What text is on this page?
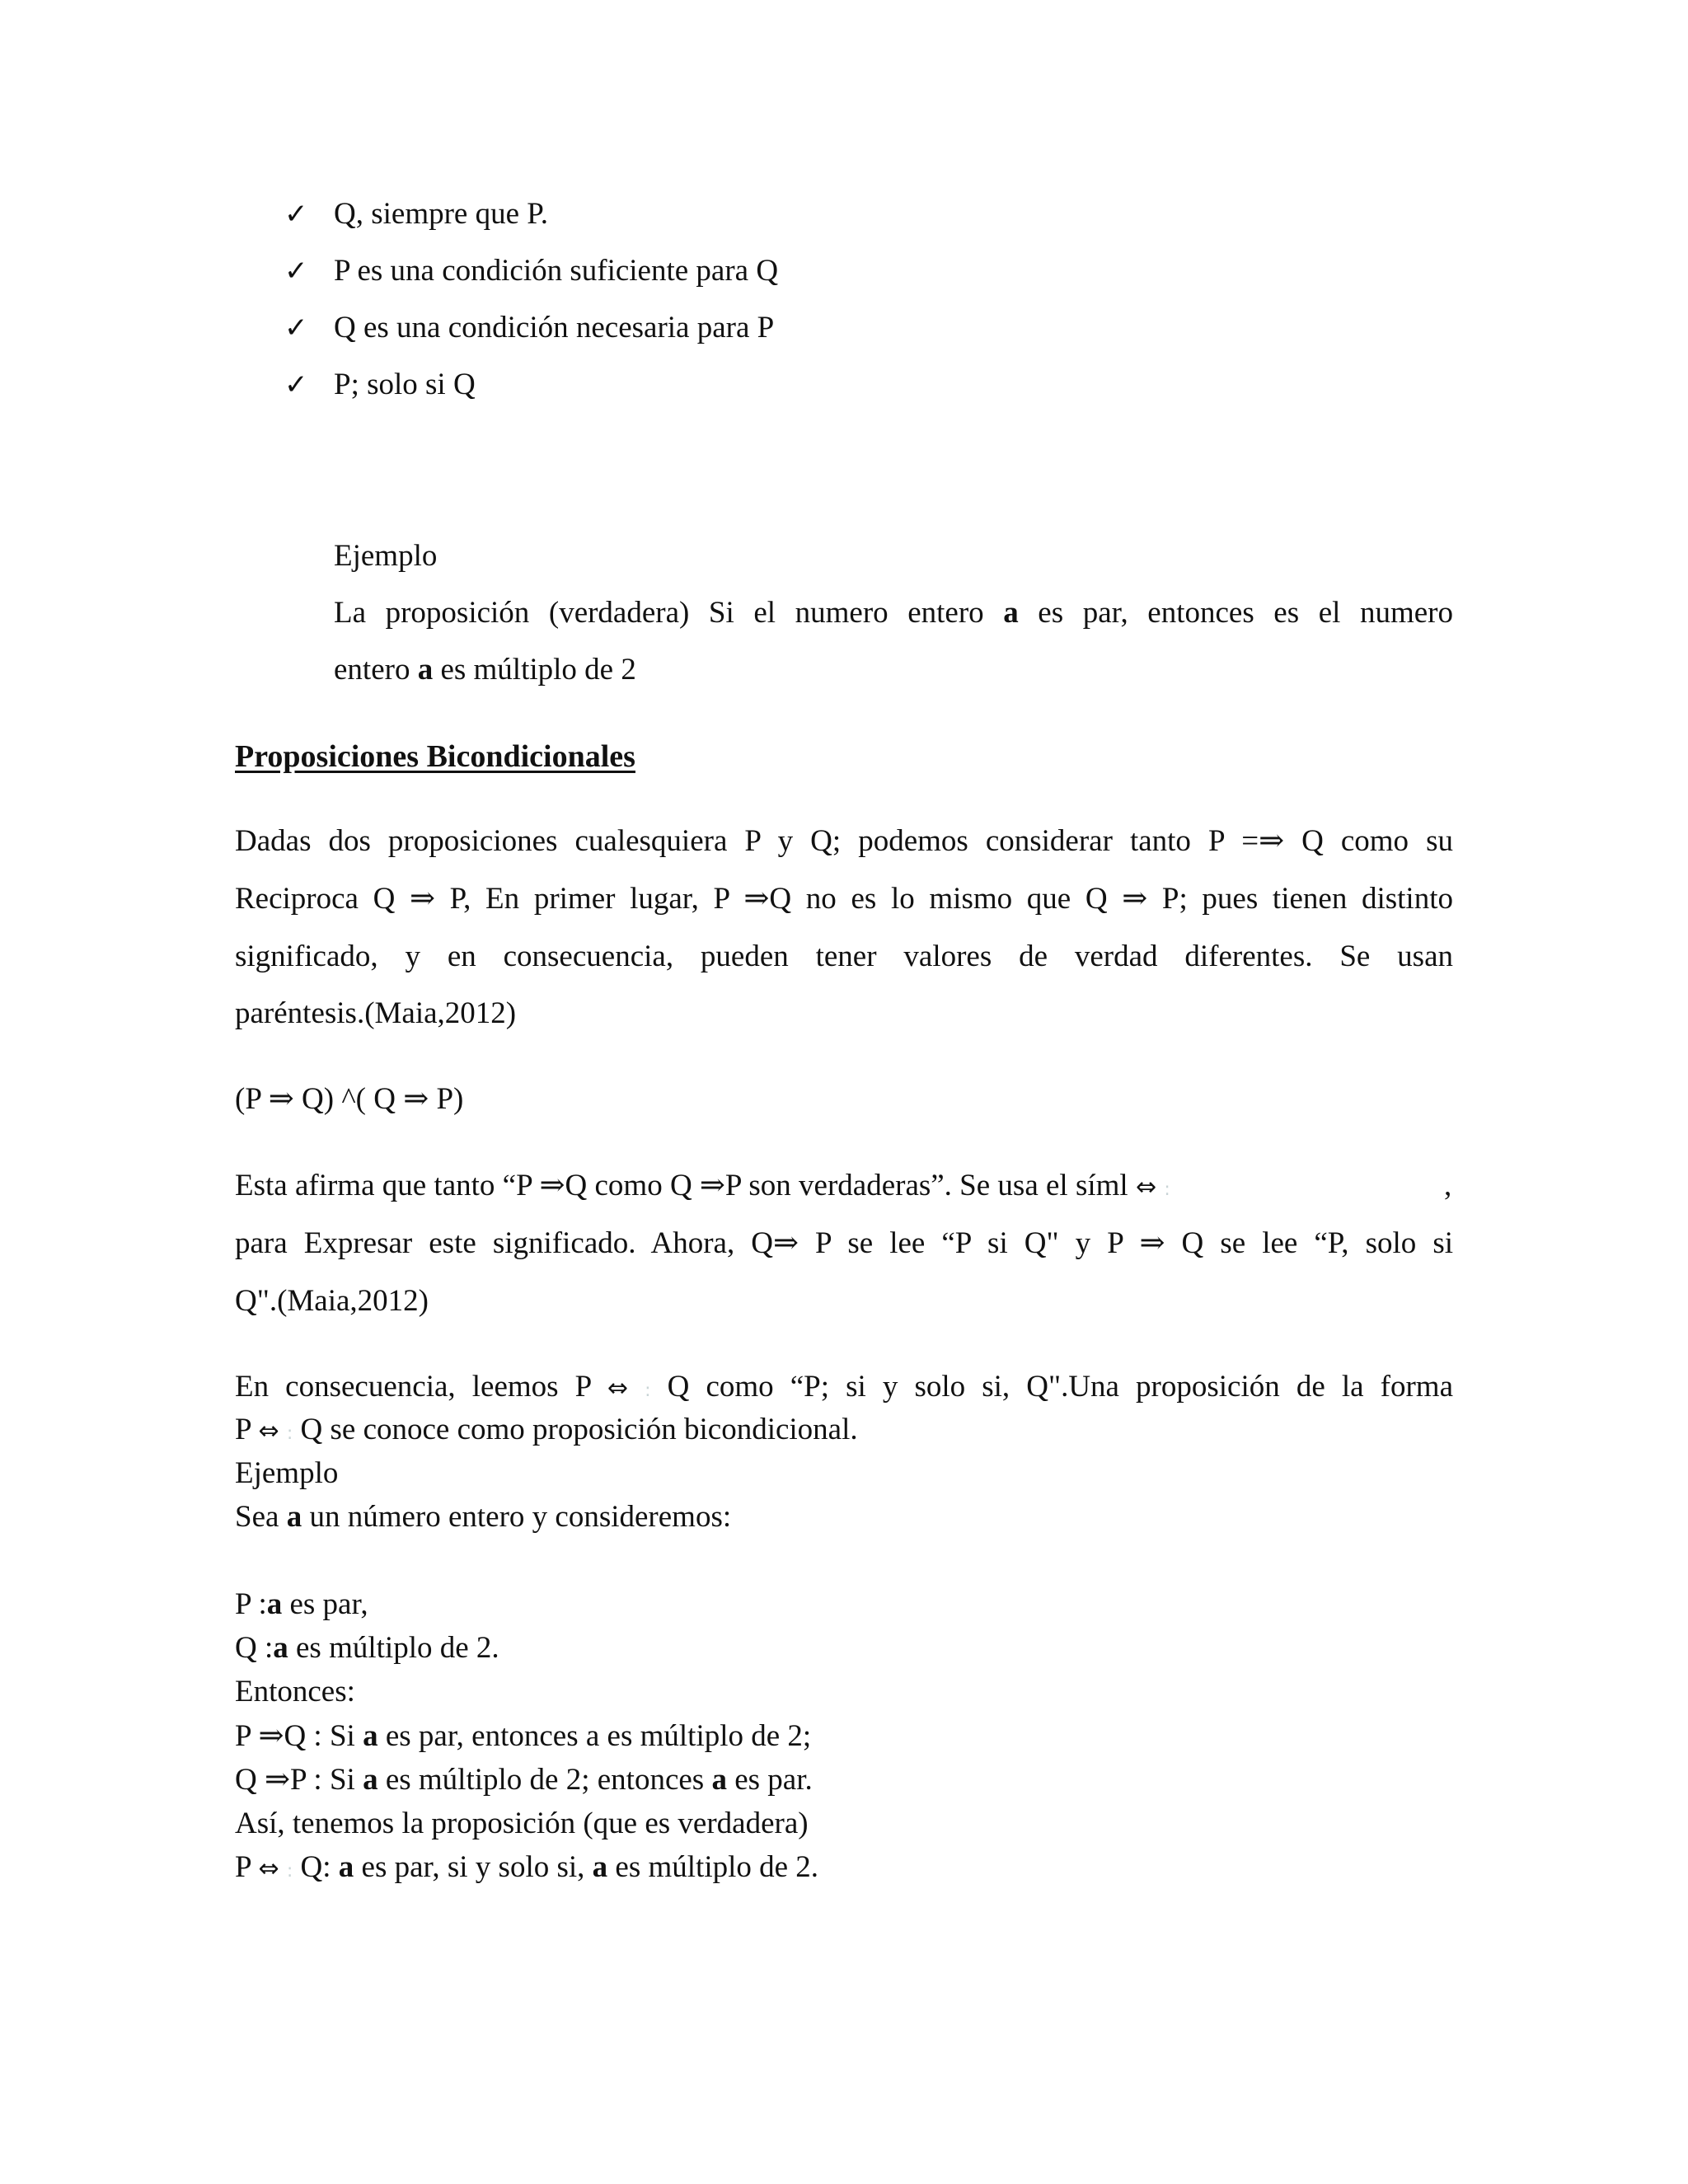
✓ Q, siempre que P.

✓ P es una condición suficiente para Q

✓ Q es una condición necesaria para P

✓ P; solo si Q

Ejemplo

La proposición (verdadera) Si el numero entero a es par, entonces es el numero

entero a es múltiplo de 2

Proposiciones Bicondicionales

Dadas dos proposiciones cualesquiera P y Q; podemos considerar tanto P =⇒ Q como su

Reciproca Q ⇒ P, En primer lugar, P ⇒Q no es lo mismo que Q ⇒ P; pues tienen distinto

significado, y en consecuencia, pueden tener valores de verdad diferentes. Se usan

paréntesis.(Maia,2012)

(P ⇒ Q) ^( Q ⇒ P)

Esta afirma que tanto “P ⇒Q como Q ⇒P son verdaderas”. Se usa el síml ⇔ :	,

para Expresar este significado. Ahora, Q⇒ P se lee “P si Q" y P ⇒ Q se lee “P, solo si

Q".(Maia,2012)

En consecuencia, leemos P ⇔ : Q como “P; si y solo si, Q".Una proposición de la forma

P ⇔ : Q se conoce como proposición bicondicional.

Ejemplo

Sea a un número entero y consideremos:

P :a es par,

Q :a es múltiplo de 2.

Entonces:

P ⇒Q : Si a es par, entonces a es múltiplo de 2;

Q ⇒P : Si a es múltiplo de 2; entonces a es par.

Así, tenemos la proposición (que es verdadera)

P ⇔ : Q: a es par, si y solo si, a es múltiplo de 2.
